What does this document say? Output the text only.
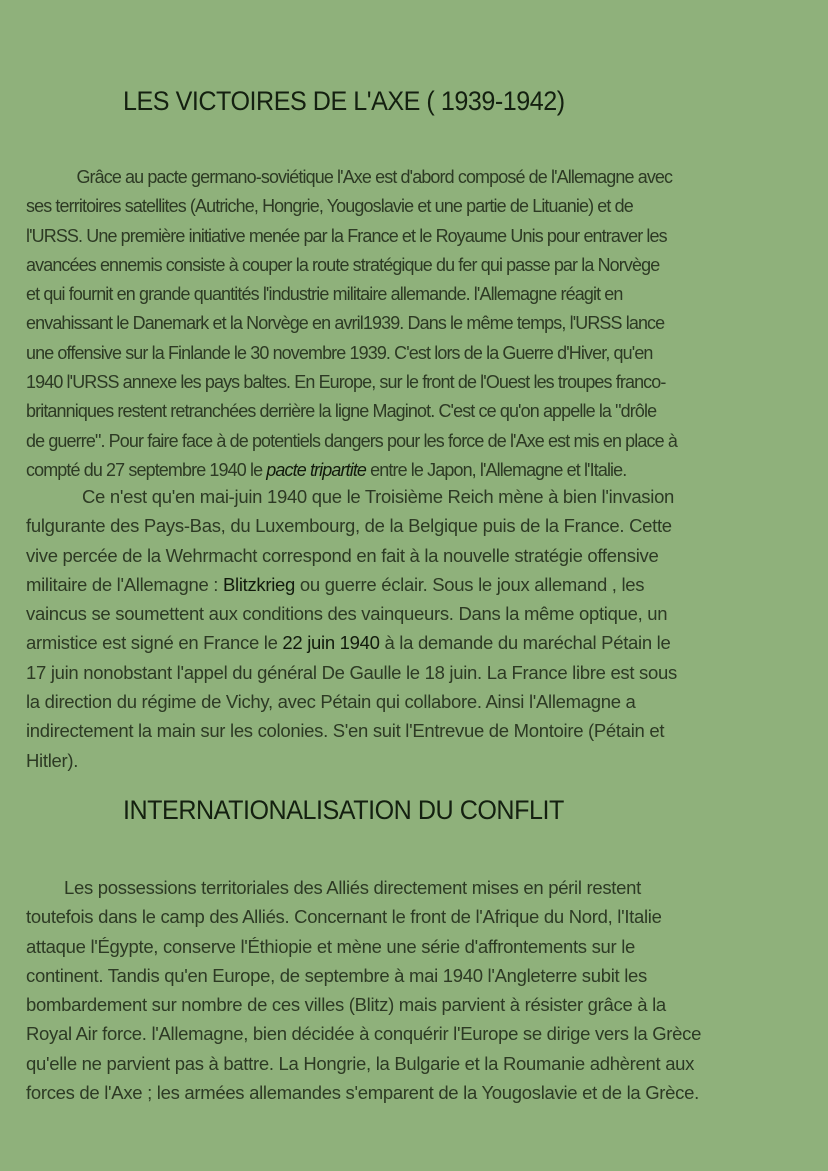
LES VICTOIRES DE L'AXE ( 1939-1942)

Grâce au pacte germano-soviétique l'Axe est d'abord composé de l'Allemagne avec
ses territoires satellites (Autriche, Hongrie, Yougoslavie et une partie de Lituanie) et de
l'URSS. Une première initiative menée par la France et le Royaume Unis pour entraver les
avancées ennemis consiste à couper la route stratégique du fer qui passe par la Norvège
et qui fournit en grande quantités l'industrie militaire allemande. l'Allemagne réagit en
envahissant le Danemark et la Norvège en avril1939. Dans le même temps, l'URSS lance
une offensive sur la Finlande le 30 novembre 1939. C'est lors de la Guerre d'Hiver, qu'en
1940 l'URSS annexe les pays baltes. En Europe, sur le front de l'Ouest les troupes franco-
britanniques restent retranchées derrière la ligne Maginot. C'est ce qu'on appelle la "drôle
de guerre". Pour faire face à de potentiels dangers pour les force de l'Axe est mis en place à
compté du 27 septembre 1940 le pacte tripartite entre le Japon, l'Allemagne et l'Italie.

Ce n'est qu'en mai-juin 1940 que le Troisième Reich mène à bien l'invasion
fulgurante des Pays-Bas, du Luxembourg, de la Belgique puis de la France. Cette
vive percée de la Wehrmacht correspond en fait à la nouvelle stratégie offensive
militaire de l'Allemagne : Blitzkrieg ou guerre éclair. Sous le joux allemand , les
vaincus se soumettent aux conditions des vainqueurs. Dans la même optique, un
armistice est signé en France le 22 juin 1940 à la demande du maréchal Pétain le
17 juin nonobstant l'appel du général De Gaulle le 18 juin. La France libre est sous
la direction du régime de Vichy, avec Pétain qui collabore. Ainsi l'Allemagne a
indirectement la main sur les colonies. S'en suit l'Entrevue de Montoire (Pétain et
Hitler).

INTERNATIONALISATION DU CONFLIT

Les possessions territoriales des Alliés directement mises en péril restent
toutefois dans le camp des Alliés. Concernant le front de l'Afrique du Nord, l'Italie
attaque l'Égypte, conserve l'Éthiopie et mène une série d'affrontements sur le
continent. Tandis qu'en Europe, de septembre à mai 1940 l'Angleterre subit les
bombardement sur nombre de ces villes (Blitz) mais parvient à résister grâce à la
Royal Air force. l'Allemagne, bien décidée à conquérir l'Europe se dirige vers la Grèce
qu'elle ne parvient pas à battre. La Hongrie, la Bulgarie et la Roumanie adhèrent aux
forces de l'Axe ; les armées allemandes s'emparent de la Yougoslavie et de la Grèce.
